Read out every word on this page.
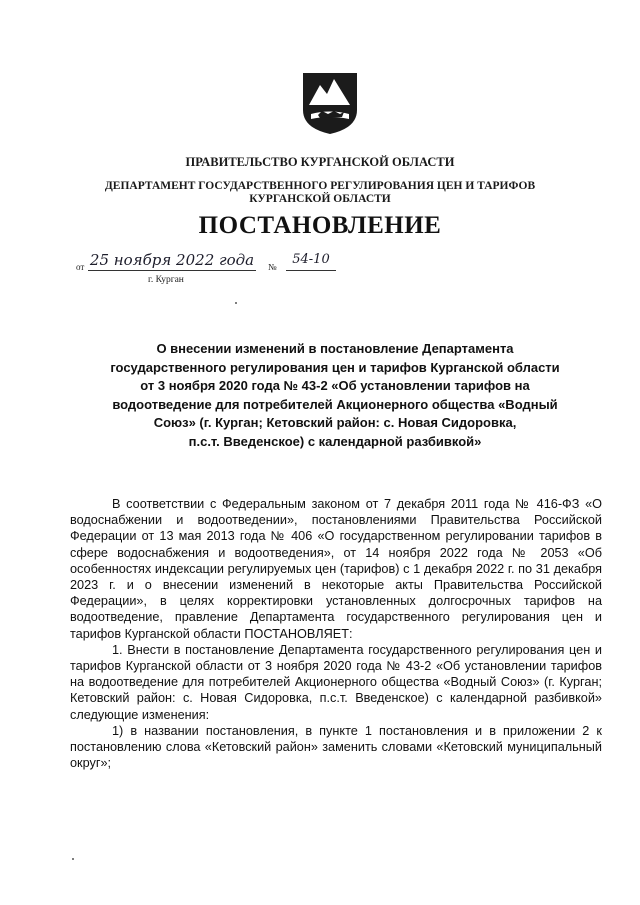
ПРАВИТЕЛЬСТВО КУРГАНСКОЙ ОБЛАСТИ
ДЕПАРТАМЕНТ ГОСУДАРСТВЕННОГО РЕГУЛИРОВАНИЯ ЦЕН И ТАРИФОВ
КУРГАНСКОЙ ОБЛАСТИ
ПОСТАНОВЛЕНИЕ
от 25 ноября 2022 года №	54-10
г. Курган
О внесении изменений в постановление Департамента
государственного регулирования цен и тарифов Курганской области
от 3 ноября 2020 года № 43-2 «Об установлении тарифов на
водоотведение для потребителей Акционерного общества «Водный
Союз» (г. Курган; Кетовский район: с. Новая Сидоровка,
п.с.т. Введенское) с календарной разбивкой»

В соответствии с Федеральным законом от 7 декабря 2011 года № 416-ФЗ «О водоснабжении и водоотведении», постановлениями Правительства Российской Федерации от 13 мая 2013 года № 406 «О государственном регулировании тарифов в сфере водоснабжения и водоотведения», от 14 ноября 2022 года № 2053 «Об особенностях индексации регулируемых цен (тарифов) с 1 декабря 2022 г. по 31 декабря 2023 г. и о внесении изменений в некоторые акты Правительства Российской Федерации», в целях корректировки установленных долгосрочных тарифов на водоотведение, правление Департамента государственного регулирования цен и тарифов Курганской области ПОСТАНОВЛЯЕТ:

1. Внести в постановление Департамента государственного регулирования цен и тарифов Курганской области от 3 ноября 2020 года № 43-2 «Об установлении тарифов на водоотведение для потребителей Акционерного общества «Водный Союз» (г. Курган; Кетовский район: с. Новая Сидоровка, п.с.т. Введенское) с календарной разбивкой» следующие изменения:

1) в названии постановления, в пункте 1 постановления и в приложении 2 к постановлению слова «Кетовский район» заменить словами «Кетовский муниципальный округ»;
